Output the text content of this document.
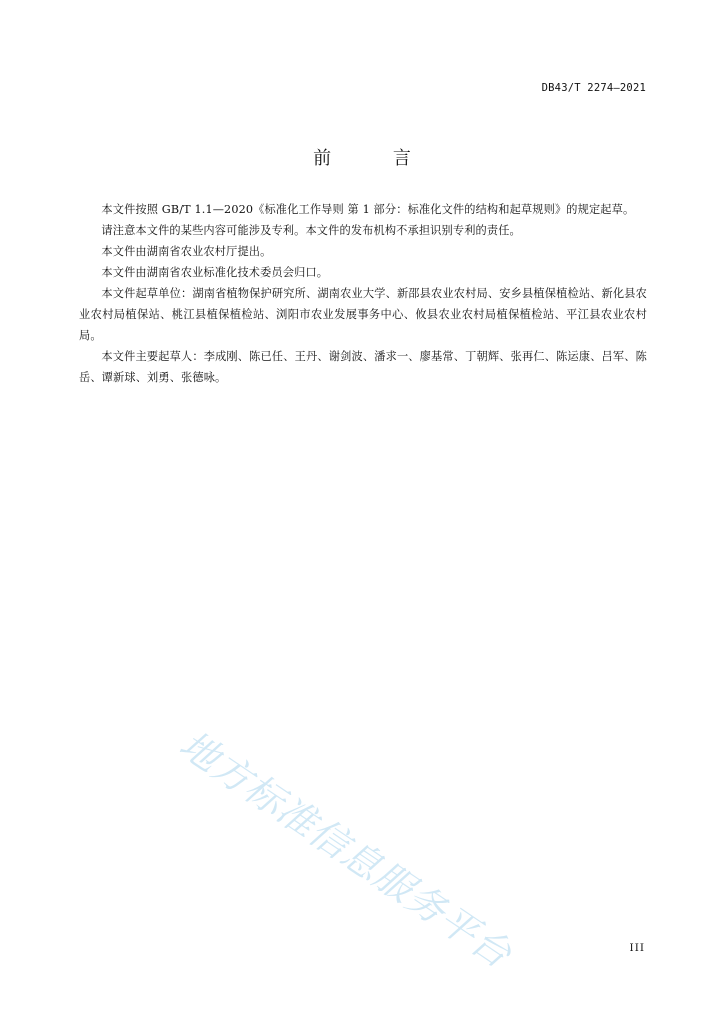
DB43/T 2274—2021
前 言

本文件按照 GB/T 1.1—2020《标准化工作导则 第 1 部分：标准化文件的结构和起草规则》的规定起草。

请注意本文件的某些内容可能涉及专利。本文件的发布机构不承担识别专利的责任。

本文件由湖南省农业农村厅提出。

本文件由湖南省农业标准化技术委员会归口。

本文件起草单位：湖南省植物保护研究所、湖南农业大学、新邵县农业农村局、安乡县植保植检站、新化县农业农村局植保站、桃江县植保植检站、浏阳市农业发展事务中心、攸县农业农村局植保植检站、平江县农业农村局。

本文件主要起草人：李成刚、陈已任、王丹、谢剑波、潘求一、廖基常、丁朝辉、张再仁、陈运康、吕军、陈岳、谭新球、刘勇、张德咏。

地方标准信息服务平台	III
